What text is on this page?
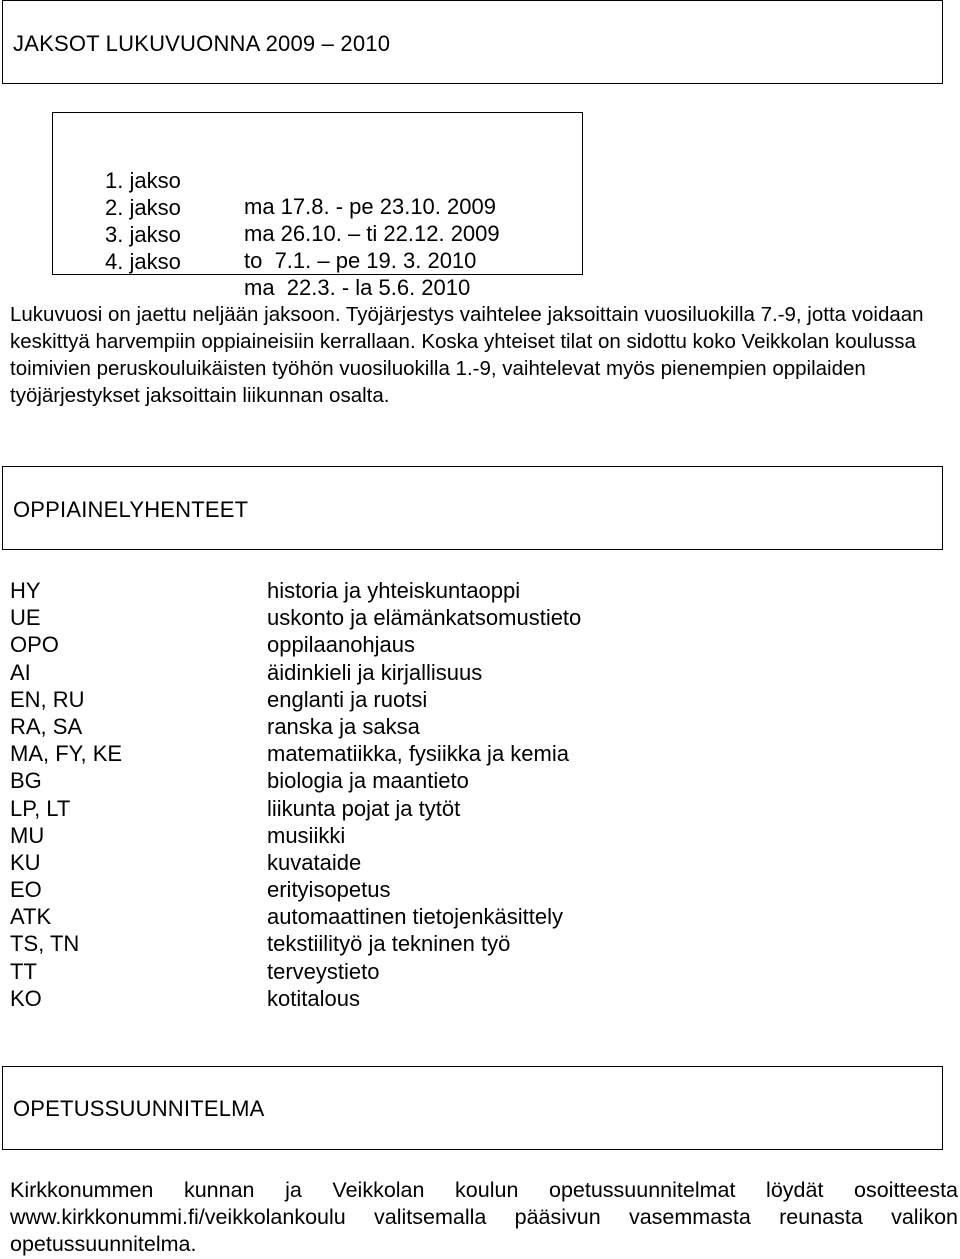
JAKSOT LUKUVUONNA 2009 – 2010

1. jakso

ma 17.8. - pe 23.10. 2009

2. jakso

ma 26.10. – ti 22.12. 2009

3. jakso

to  7.1. – pe 19. 3. 2010

4. jakso

ma  22.3. - la 5.6. 2010

Lukuvuosi on jaettu neljään jaksoon. Työjärjestys vaihtelee jaksoittain vuosiluokilla 7.-9, jotta voidaan keskittyä harvempiin oppiaineisiin kerrallaan. Koska yhteiset tilat on sidottu koko Veikkolan koulussa toimivien peruskouluikäisten työhön vuosiluokilla 1.-9, vaihtelevat myös pienempien oppilaiden työjärjestykset jaksoittain liikunnan osalta.
OPPIAINELYHENTEET
HY	historia ja yhteiskuntaoppi
UE	uskonto ja elämänkatsomustieto
OPO	oppilaanohjaus
AI	äidinkieli ja kirjallisuus
EN, RU	englanti ja ruotsi
RA, SA	ranska ja saksa
MA, FY, KE	matematiikka, fysiikka ja kemia
BG	biologia ja maantieto
LP, LT	liikunta pojat ja tytöt
MU	musiikki
KU	kuvataide
EO	erityisopetus
ATK	automaattinen tietojenkäsittely
TS, TN	tekstiilityö ja tekninen työ
TT	terveystieto
KO	kotitalous
OPETUSSUUNNITELMA
Kirkkonummen kunnan ja Veikkolan koulun opetussuunnitelmat löydät osoitteesta www.kirkkonummi.fi/veikkolankoulu valitsemalla pääsivun vasemmasta reunasta valikon opetussuunnitelma.
